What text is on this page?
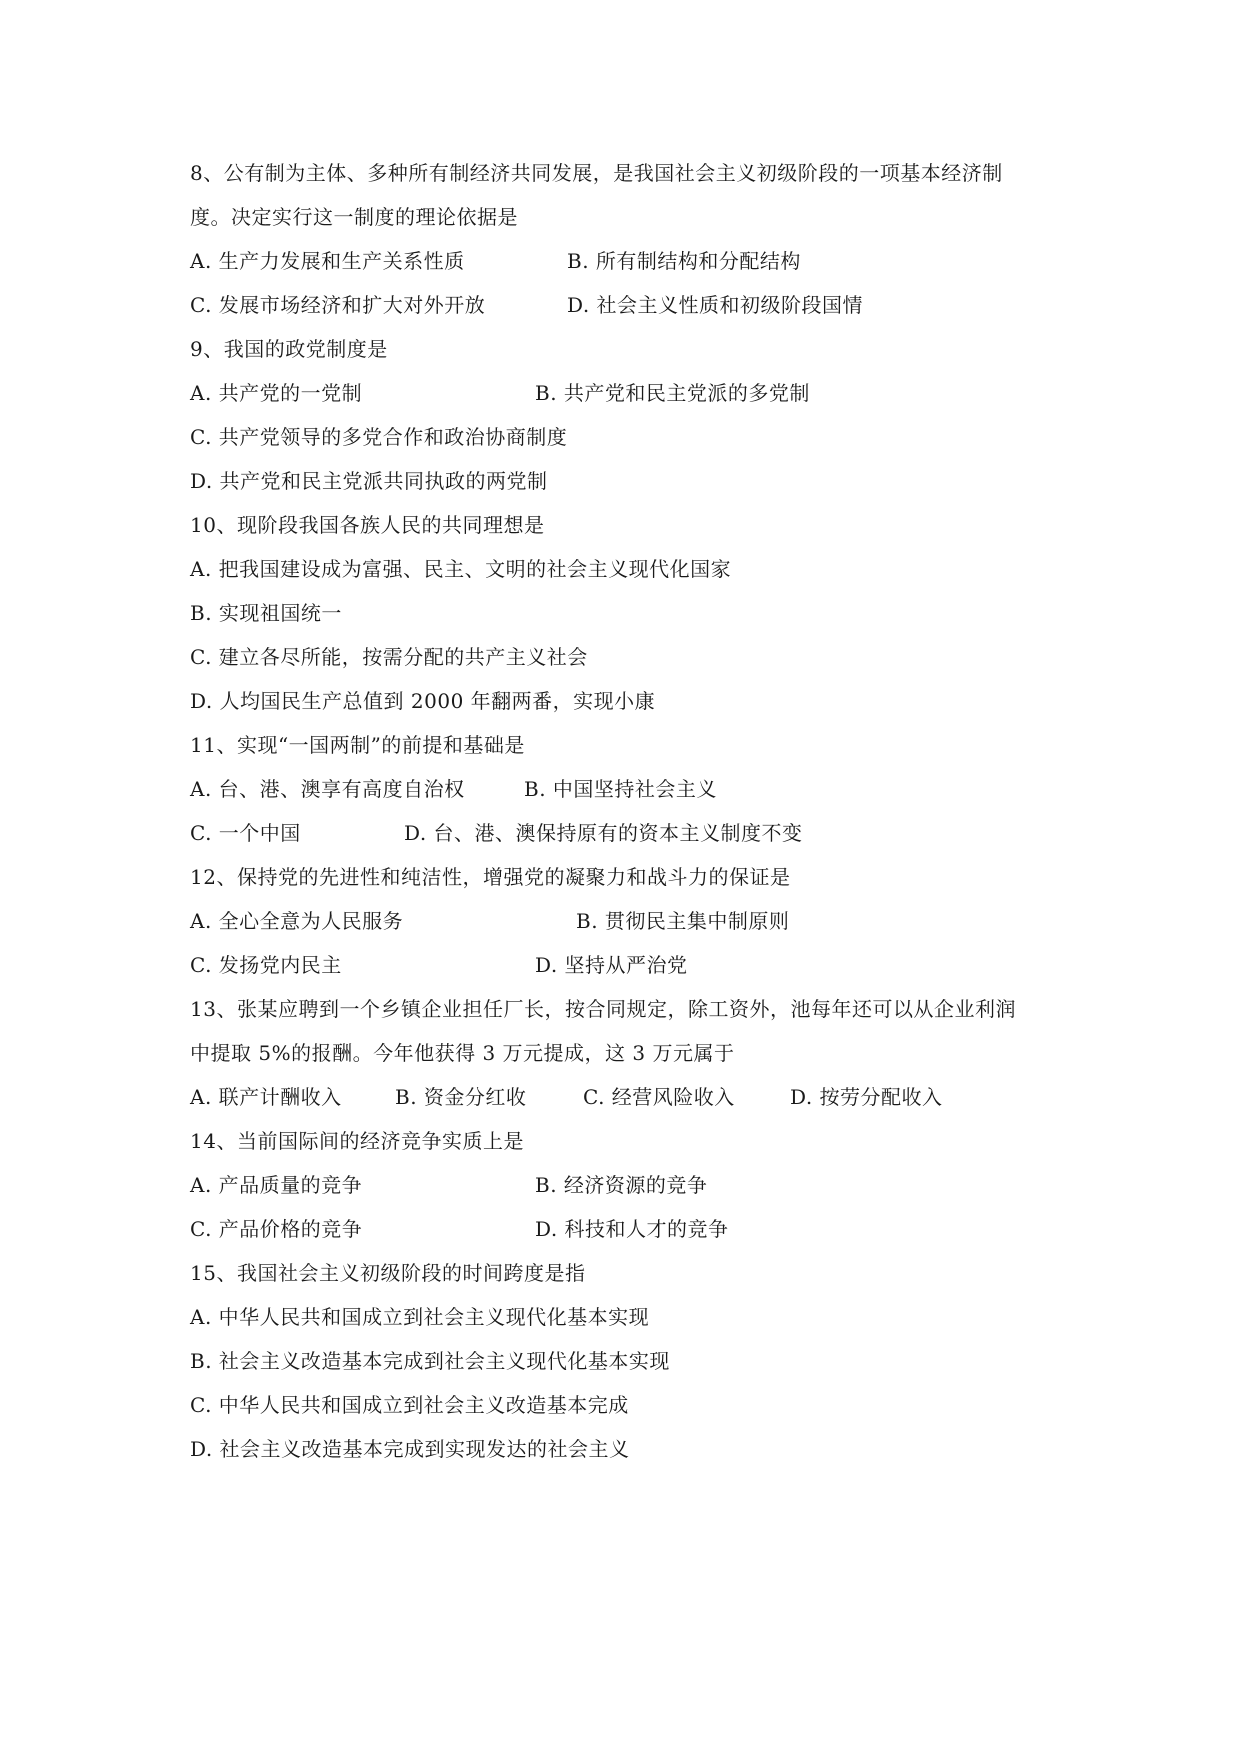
8、公有制为主体、多种所有制经济共同发展，是我国社会主义初级阶段的一项基本经济制
度。决定实行这一制度的理论依据是
A. 生产力发展和生产关系性质	B. 所有制结构和分配结构
C. 发展市场经济和扩大对外开放	D. 社会主义性质和初级阶段国情
9、我国的政党制度是
A. 共产党的一党制	B. 共产党和民主党派的多党制
C. 共产党领导的多党合作和政治协商制度
D. 共产党和民主党派共同执政的两党制
10、现阶段我国各族人民的共同理想是
A. 把我国建设成为富强、民主、文明的社会主义现代化国家
B. 实现祖国统一
C. 建立各尽所能，按需分配的共产主义社会
D. 人均国民生产总值到 2000 年翻两番，实现小康
11、实现“一国两制”的前提和基础是
A. 台、港、澳享有高度自治权	B. 中国坚持社会主义
C. 一个中国	D. 台、港、澳保持原有的资本主义制度不变
12、保持党的先进性和纯洁性，增强党的凝聚力和战斗力的保证是
A. 全心全意为人民服务	B. 贯彻民主集中制原则
C. 发扬党内民主	D. 坚持从严治党
13、张某应聘到一个乡镇企业担任厂长，按合同规定，除工资外，池每年还可以从企业利润
中提取 5%的报酬。今年他获得 3 万元提成，这 3 万元属于
A. 联产计酬收入	B. 资金分红收	C. 经营风险收入	D. 按劳分配收入
14、当前国际间的经济竞争实质上是
A. 产品质量的竞争	B. 经济资源的竞争
C. 产品价格的竞争	D. 科技和人才的竞争
15、我国社会主义初级阶段的时间跨度是指
A. 中华人民共和国成立到社会主义现代化基本实现
B. 社会主义改造基本完成到社会主义现代化基本实现
C. 中华人民共和国成立到社会主义改造基本完成
D. 社会主义改造基本完成到实现发达的社会主义
